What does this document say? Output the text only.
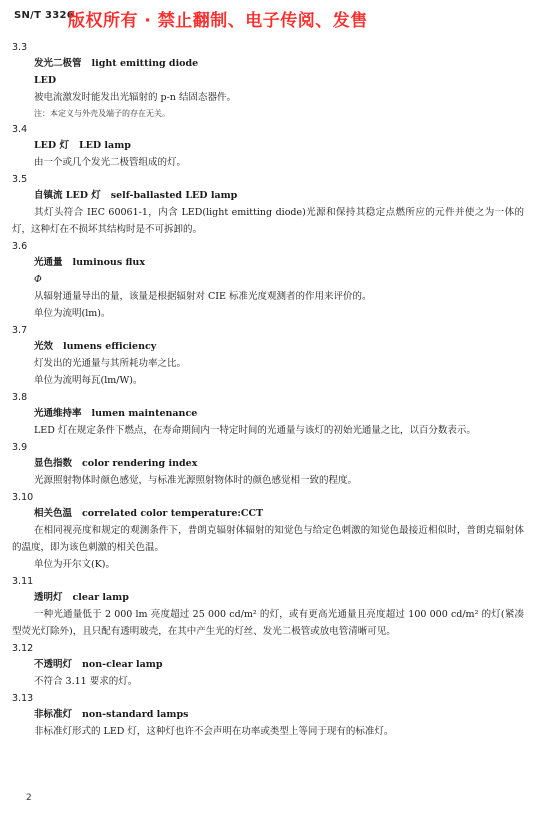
SN/T 3326
版权所有 · 禁止翻制、电子传阅、发售
3.3
发光二极管 light emitting diode
LED
被电流激发时能发出光辐射的 p-n 结固态器件。
注：本定义与外壳及端子的存在无关。
3.4
LED 灯 LED lamp
由一个或几个发光二极管组成的灯。
3.5
自镇流 LED 灯 self-ballasted LED lamp
其灯头符合 IEC 60061-1，内含 LED(light emitting diode)光源和保持其稳定点燃所应的元件并使之为一体的灯，这种灯在不损坏其结构时是不可拆卸的。
3.6
光通量 luminous flux
Φ
从辐射通量导出的量，该量是根据辐射对 CIE 标准光度观测者的作用来评价的。
单位为流明(lm)。
3.7
光效 lumens efficiency
灯发出的光通量与其所耗功率之比。
单位为流明每瓦(lm/W)。
3.8
光通维持率 lumen maintenance
LED 灯在规定条件下燃点，在寿命期间内一特定时间的光通量与该灯的初始光通量之比，以百分数表示。
3.9
显色指数 color rendering index
光源照射物体时颜色感觉，与标准光源照射物体时的颜色感觉相一致的程度。
3.10
相关色温 correlated color temperature:CCT
在相同视亮度和规定的观测条件下，普朗克辐射体辐射的知觉色与给定色刺激的知觉色最接近相似时，普朗克辐射体的温度，即为该色刺激的相关色温。
单位为开尔文(K)。
3.11
透明灯 clear lamp
一种光通量低于 2 000 lm 亮度超过 25 000 cd/m² 的灯，或有更高光通量且亮度超过 100 000 cd/m² 的灯(紧凑型荧光灯除外)，且只配有透明玻壳，在其中产生光的灯丝、发光二极管或放电管清晰可见。
3.12
不透明灯 non-clear lamp
不符合 3.11 要求的灯。
3.13
非标准灯 non-standard lamps
非标准灯形式的 LED 灯，这种灯也许不会声明在功率或类型上等同于现有的标准灯。
2
